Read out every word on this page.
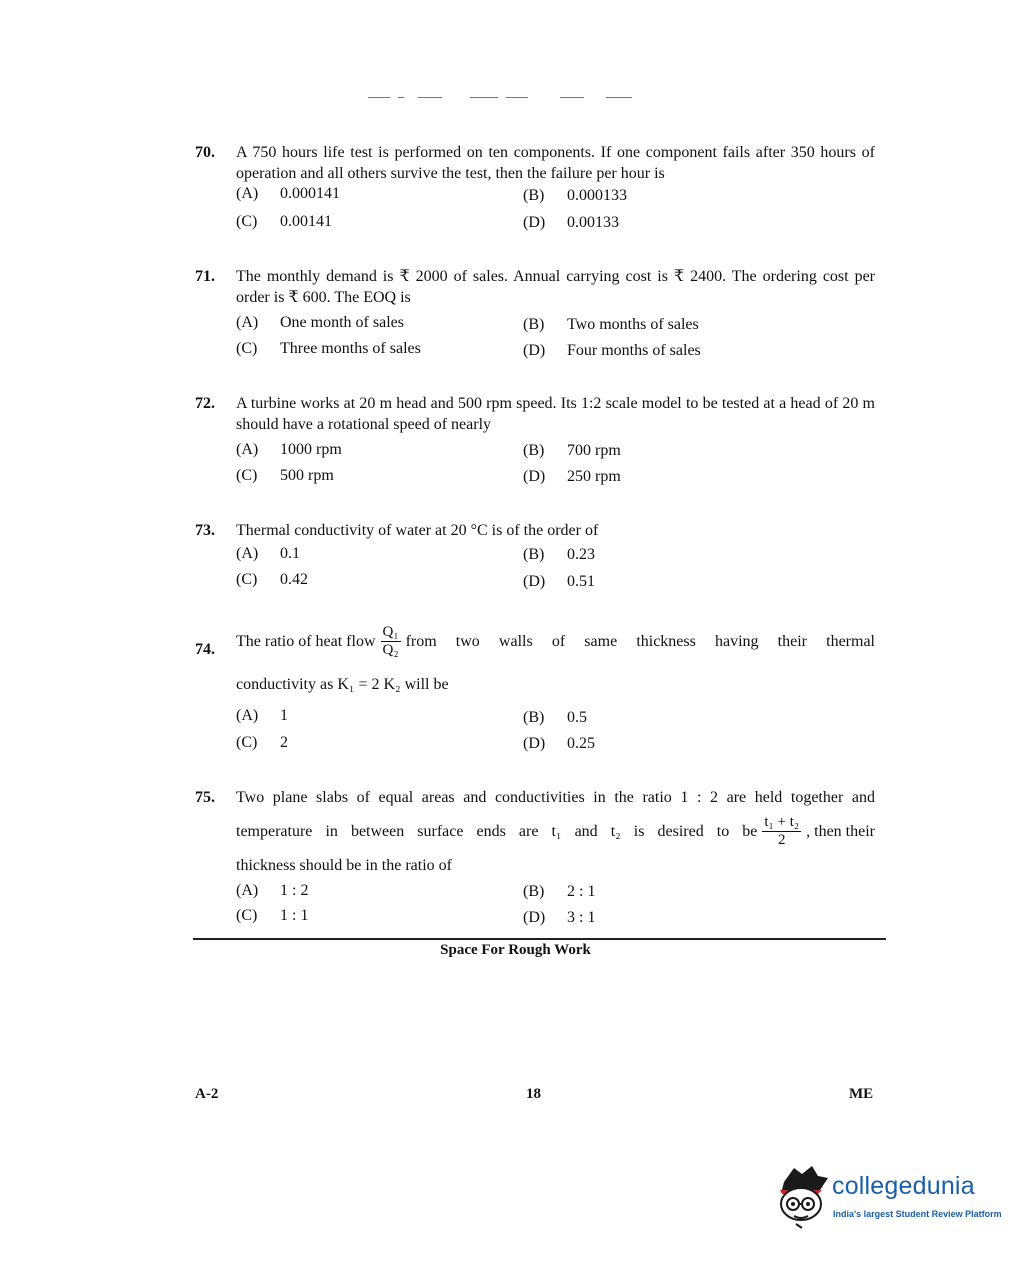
70. A 750 hours life test is performed on ten components. If one component fails after 350 hours of operation and all others survive the test, then the failure per hour is
(A) 0.000141	(B) 0.000133
(C) 0.00141	(D) 0.00133
71. The monthly demand is ₹ 2000 of sales. Annual carrying cost is ₹ 2400. The ordering cost per order is ₹ 600. The EOQ is
(A) One month of sales	(B) Two months of sales
(C) Three months of sales	(D) Four months of sales
72. A turbine works at 20 m head and 500 rpm speed. Its 1:2 scale model to be tested at a head of 20 m should have a rotational speed of nearly
(A) 1000 rpm	(B) 700 rpm
(C) 500 rpm	(D) 250 rpm
73. Thermal conductivity of water at 20 °C is of the order of
(A) 0.1	(B) 0.23
(C) 0.42	(D) 0.51
74. The ratio of heat flow $\frac{\text{Q₁}}{\text{Q₂}}$ from two walls of same thickness having their thermal
conductivity as K₁ = 2 K₂ will be
(A) 1	(B) 0.5
(C) 2	(D) 0.25
75. Two plane slabs of equal areas and conductivities in the ratio 1 : 2 are held together and
temperature in between surface ends are t₁ and t₂ is desired to be $\frac{\text{t₁ + t₂}}{2}$ , then their
thickness should be in the ratio of
(A) 1 : 2	(B) 2 : 1
(C) 1 : 1	(D) 3 : 1
Space For Rough Work
A-2	18	ME
collegedunia
India's largest Student Review Platform
